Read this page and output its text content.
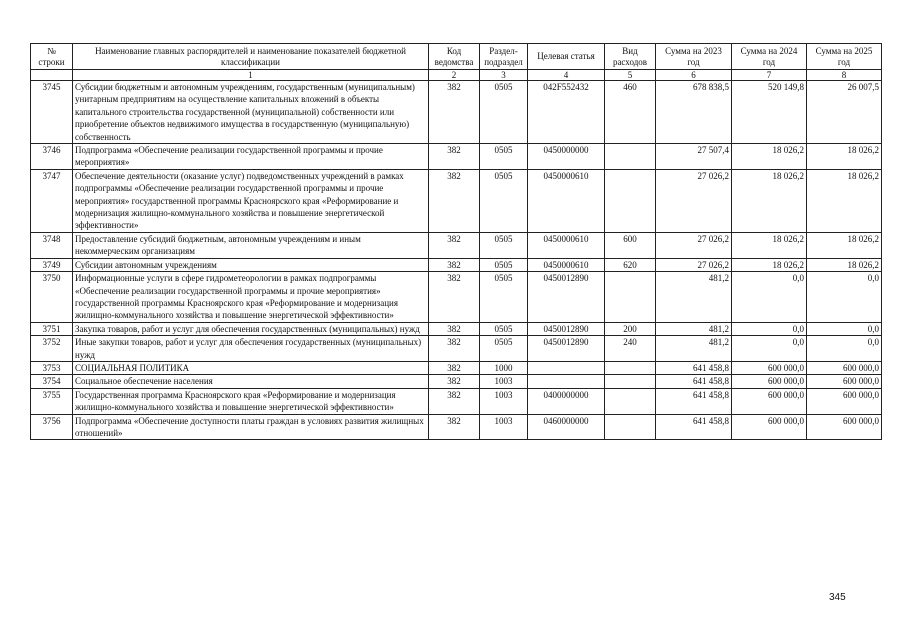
№ строки	Наименование главных распорядителей и наименование показателей бюджетной классификации	Код ведомства	Раздел-подраздел	Целевая статья	Вид расходов	Сумма на 2023 год	Сумма на 2024 год	Сумма на 2025 год
	1	2	3	4	5	6	7	8
3745	Субсидии бюджетным и автономным учреждениям, государственным (муниципальным) унитарным предприятиям на осуществление капитальных вложений в объекты капитального строительства государственной (муниципальной) собственности или приобретение объектов недвижимого имущества в государственную (муниципальную) собственность	382	0505	042F552432	460	678 838,5	520 149,8	26 007,5
3746	Подпрограмма «Обеспечение реализации государственной программы и прочие мероприятия»	382	0505	0450000000		27 507,4	18 026,2	18 026,2
3747	Обеспечение деятельности (оказание услуг) подведомственных учреждений в рамках подпрограммы «Обеспечение реализации государственной программы и прочие мероприятия» государственной программы Красноярского края «Реформирование и модернизация жилищно-коммунального хозяйства и повышение энергетической эффективности»	382	0505	0450000610		27 026,2	18 026,2	18 026,2
3748	Предоставление субсидий бюджетным, автономным учреждениям и иным некоммерческим организациям	382	0505	0450000610	600	27 026,2	18 026,2	18 026,2
3749	Субсидии автономным учреждениям	382	0505	0450000610	620	27 026,2	18 026,2	18 026,2
3750	Информационные услуги в сфере гидрометеорологии в рамках подпрограммы «Обеспечение реализации государственной программы и прочие мероприятия» государственной программы Красноярского края «Реформирование и модернизация жилищно-коммунального хозяйства и повышение энергетической эффективности»	382	0505	0450012890		481,2	0,0	0,0
3751	Закупка товаров, работ и услуг для обеспечения государственных (муниципальных) нужд	382	0505	0450012890	200	481,2	0,0	0,0
3752	Иные закупки товаров, работ и услуг для обеспечения государственных (муниципальных) нужд	382	0505	0450012890	240	481,2	0,0	0,0
3753	СОЦИАЛЬНАЯ ПОЛИТИКА	382	1000			641 458,8	600 000,0	600 000,0
3754	Социальное обеспечение населения	382	1003			641 458,8	600 000,0	600 000,0
3755	Государственная программа Красноярского края «Реформирование и модернизация жилищно-коммунального хозяйства и повышение энергетической эффективности»	382	1003	0400000000		641 458,8	600 000,0	600 000,0
3756	Подпрограмма «Обеспечение доступности платы граждан в условиях развития жилищных отношений»	382	1003	0460000000		641 458,8	600 000,0	600 000,0
345
